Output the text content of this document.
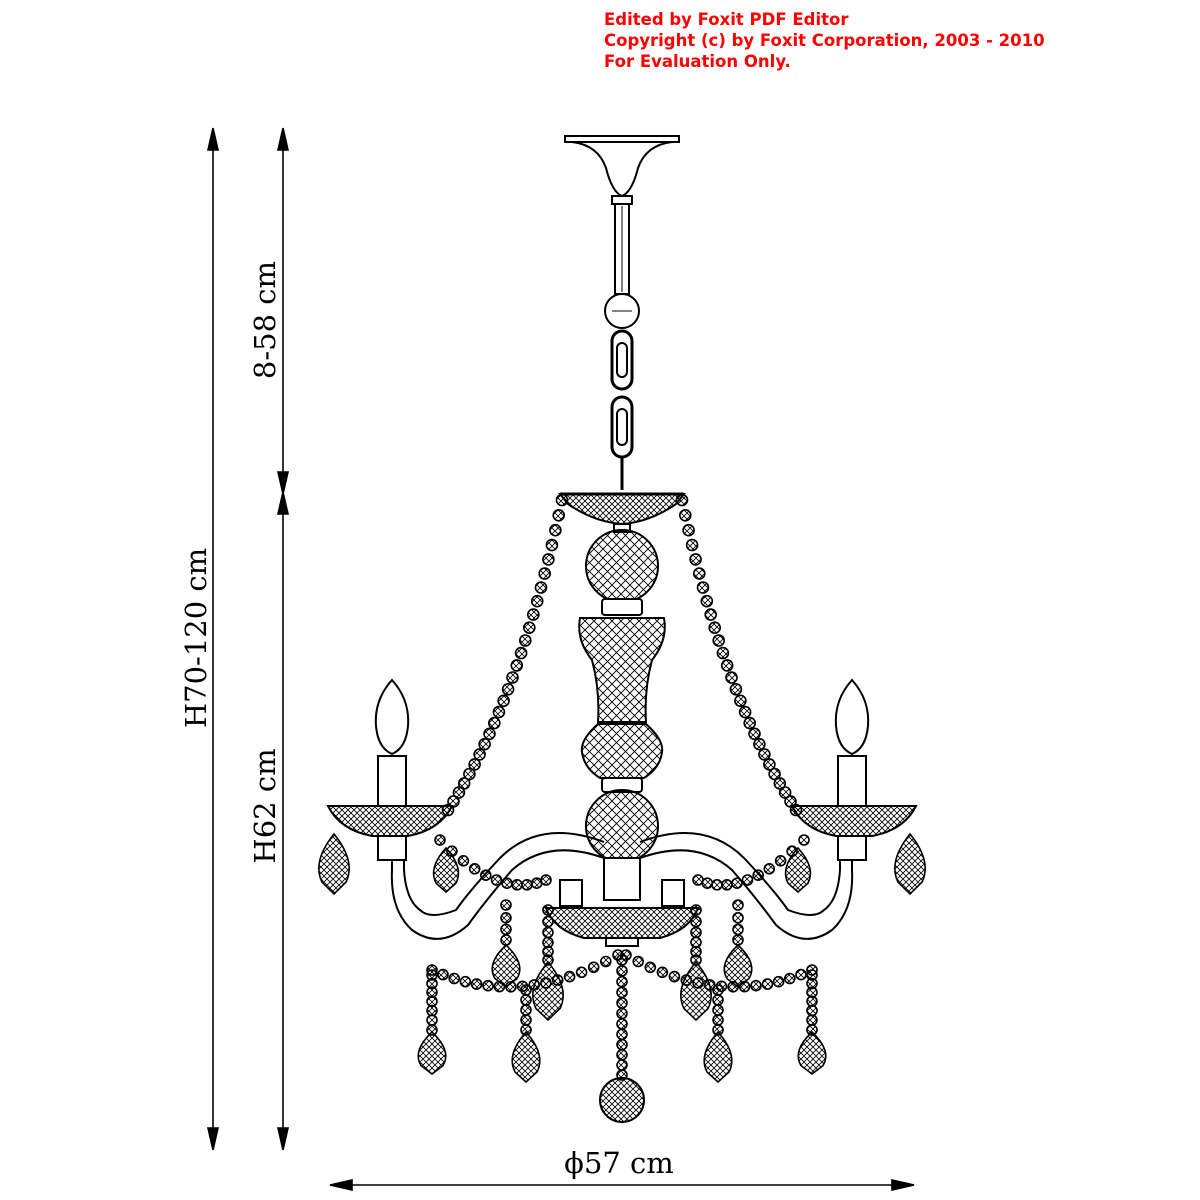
Edited by Foxit PDF Editor
Copyright (c) by Foxit Corporation, 2003 - 2010
For Evaluation Only.
H70-120 cm
8-58 cm
H62 cm
ϕ57 cm
